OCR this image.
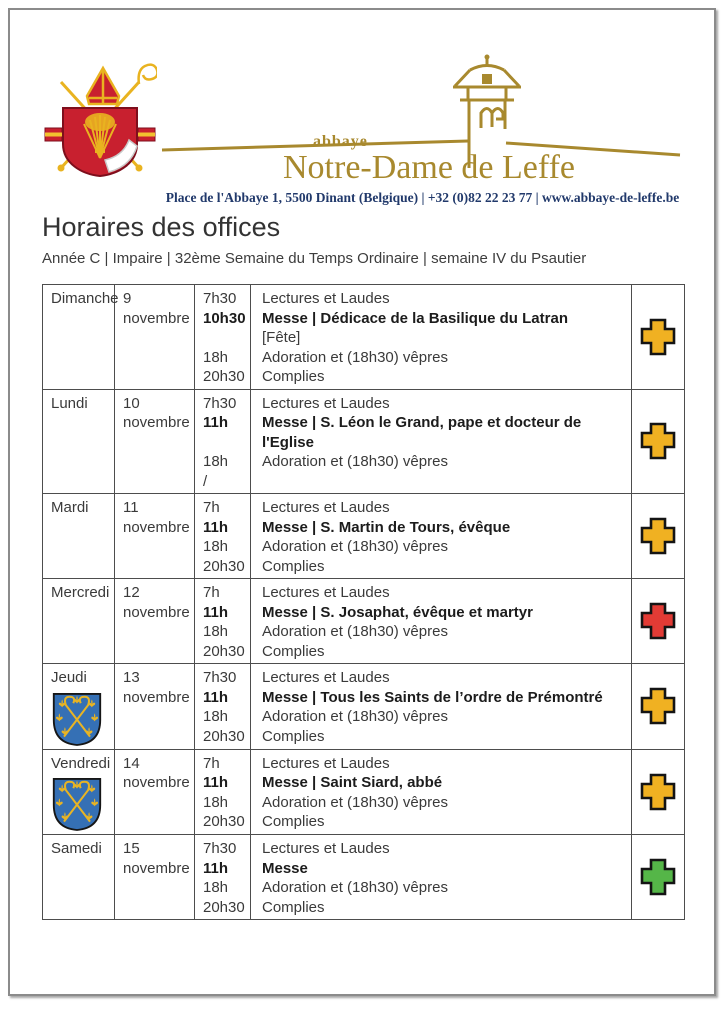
abbaye
Notre-Dame de Leffe
Place de l'Abbaye 1, 5500 Dinant (Belgique) | +32 (0)82 22 23 77 | www.abbaye-de-leffe.be
Horaires des offices
Année C | Impaire | 32ème Semaine du Temps Ordinaire | semaine IV du Psautier
Dimanche 9 novembre
7h30	Lectures et Laudes
10h30	Messe | Dédicace de la Basilique du Latran
[Fête]
18h	Adoration et (18h30) vêpres
20h30	Complies
Lundi	10 novembre
7h30	Lectures et Laudes
11h	Messe | S. Léon le Grand, pape et docteur de l'Eglise
18h	Adoration et (18h30) vêpres
/
Mardi	11 novembre
7h	Lectures et Laudes
11h	Messe | S. Martin de Tours, évêque
18h	Adoration et (18h30) vêpres
20h30	Complies
Mercredi 12 novembre
7h	Lectures et Laudes
11h	Messe | S. Josaphat, évêque et martyr
18h	Adoration et (18h30) vêpres
20h30	Complies
Jeudi	13 novembre
7h30	Lectures et Laudes
11h	Messe | Tous les Saints de l’ordre de Prémontré
18h	Adoration et (18h30) vêpres
20h30	Complies
Vendredi 14 novembre
7h	Lectures et Laudes
11h	Messe | Saint Siard, abbé
18h	Adoration et (18h30) vêpres
20h30	Complies
Samedi	15 novembre
7h30	Lectures et Laudes
11h	Messe
18h	Adoration et (18h30) vêpres
20h30	Complies
